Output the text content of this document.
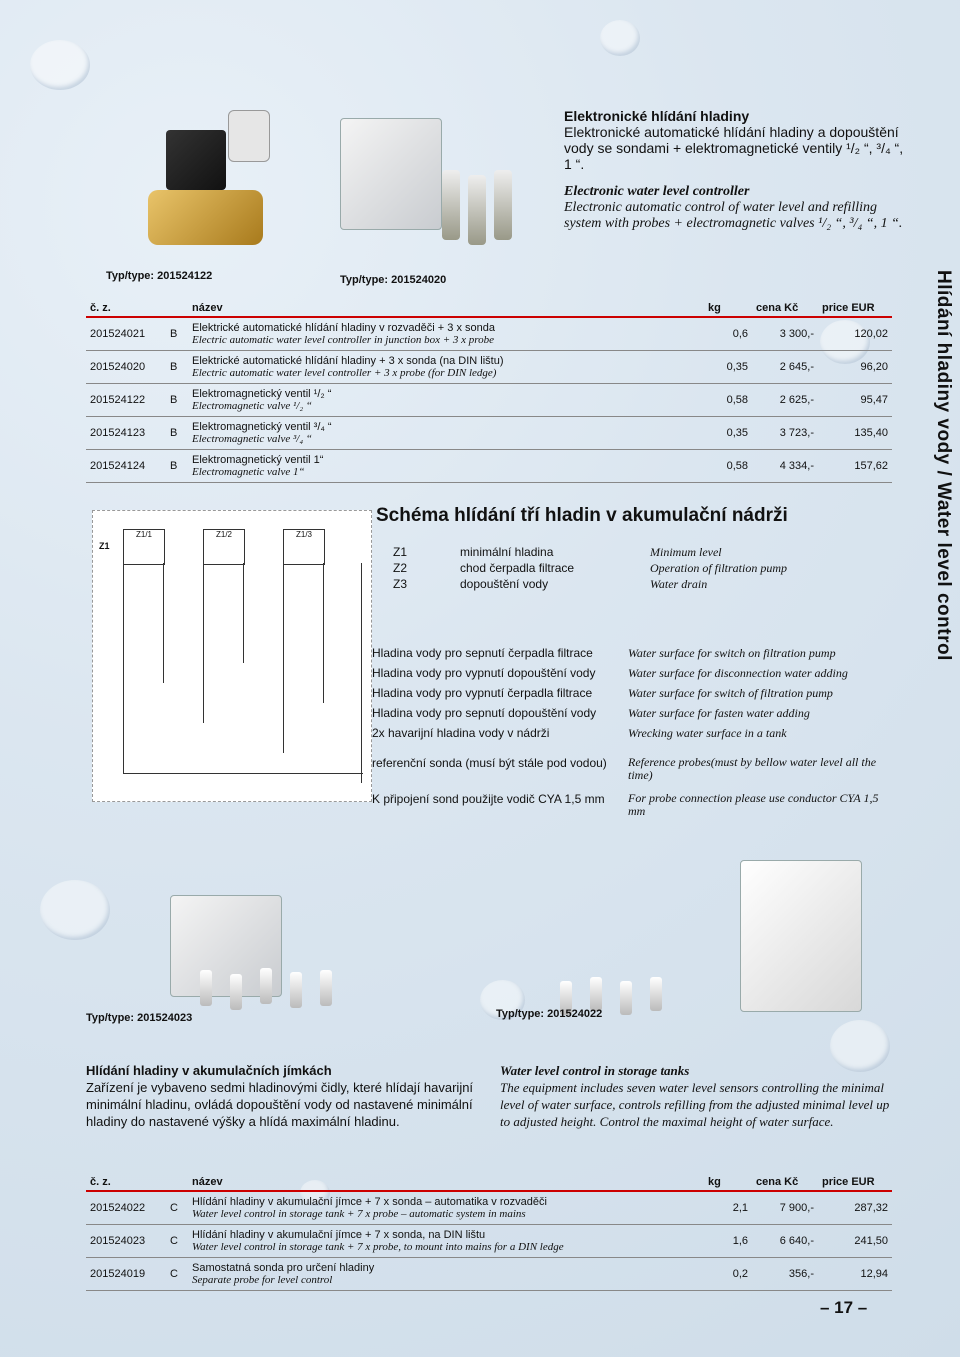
Elektronické hlídání hladiny
Elektronické automatické hlídání hladiny a dopouštění vody se sondami + elektromagnetické ventily ¹/₂ “, ³/₄ “, 1 “.
Electronic water level controller
Electronic automatic control of water level and refilling system with probes + electromagnetic valves ¹/₂ “, ³/₄ “, 1 “.
Typ/type: 201524122	Typ/type: 201524020	Hlídání hladiny vody / Water level control
č. z.		název	kg	cena Kč	price EUR
201524021	B	Elektrické automatické hlídání hladiny v rozvaděči + 3 x sonda
Electric automatic water level controller in junction box + 3 x probe	0,6	3 300,-	120,02
201524020	B	Elektrické automatické hlídání hladiny + 3 x sonda (na DIN lištu)
Electric automatic water level controller + 3 x probe (for DIN ledge)	0,35	2 645,-	96,20
201524122	B	Elektromagnetický ventil ¹/₂ “
Electromagnetic valve ¹/₂ “	0,58	2 625,-	95,47
201524123	B	Elektromagnetický ventil ³/₄ “
Electromagnetic valve ³/₄ “	0,35	3 723,-	135,40
201524124	B	Elektromagnetický ventil 1“
Electromagnetic valve 1“	0,58	4 334,-	157,62
Z1
Z1/1	Z1/2	Z1/3
Schéma hlídání tří hladin v akumulační nádrži
Z1	minimální hladina	Minimum level
Z2	chod čerpadla filtrace	Operation of filtration pump
Z3	dopouštění vody	Water drain
Hladina vody pro sepnutí čerpadla filtrace	Water surface for switch on filtration pump
Hladina vody pro vypnutí dopouštění vody	Water surface for disconnection water adding
Hladina vody pro vypnutí čerpadla filtrace	Water surface for switch of filtration pump
Hladina vody pro sepnutí dopouštění vody	Water surface for fasten water adding
2x havarijní hladina vody v nádrži	Wrecking water surface in a tank
referenční sonda (musí být stále pod vodou) Reference probes(must by bellow water level all the time)
K připojení sond použijte vodič CYA 1,5 mm For probe connection please use conductor CYA 1,5 mm
Typ/type: 201524023	Typ/type: 201524022
Hlídání hladiny v akumulačních jímkách
Zařízení je vybaveno sedmi hladinovými čidly, které hlídají havarijní minimální hladinu, ovládá dopouštění vody od nastavené minimální hladiny do nastavené výšky a hlídá maximální hladinu.
Water level control in storage tanks
The equipment includes seven water level sensors controlling the minimal level of water surface, controls refilling from the adjusted minimal level up to adjusted height. Control the maximal height of water surface.
č. z.		název	kg	cena Kč	price EUR
201524022	C	Hlídání hladiny v akumulační jímce + 7 x sonda – automatika v rozvaděči
Water level control in storage tank + 7 x probe – automatic system in mains	2,1	7 900,-	287,32
201524023	C	Hlídání hladiny v akumulační jímce + 7 x sonda, na DIN lištu
Water level control in storage tank + 7 x probe, to mount into mains for a DIN ledge	1,6	6 640,-	241,50
201524019	C	Samostatná sonda pro určení hladiny
Separate probe for level control	0,2	356,-	12,94
– 17 –
